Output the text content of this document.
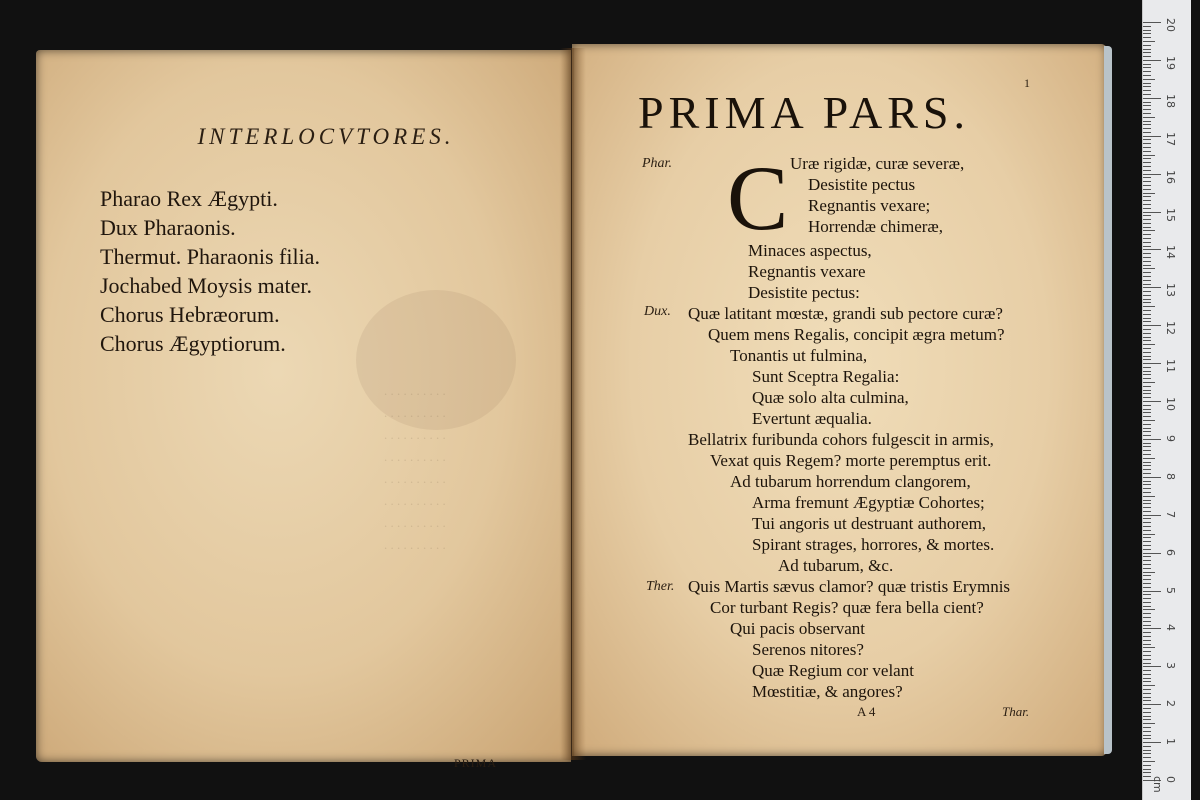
. . . . . . . . . .
. . . . . . . . . .
. . . . . . . . . .
. . . . . . . . . .
. . . . . . . . . .
. . . . . . . . . .
. . . . . . . . . .
. . . . . . . . . .
INTERLOCVTORES.
Pharao Rex Ægypti.
Dux Pharaonis.
Thermut. Pharaonis filia.
Jochabed Moysis mater.
Chorus Hebræorum.
Chorus Ægyptiorum.
PRIMA
1
PRIMA PARS.
C
Phar.
Dux.
Ther.
Uræ rigidæ, curæ severæ,
Desistite pectus
Regnantis vexare;
Horrendæ chimeræ,
Minaces aspectus,
Regnantis vexare
Desistite pectus:
Quæ latitant mœstæ, grandi sub pectore curæ?
Quem mens Regalis, concipit ægra metum?
Tonantis ut fulmina,
Sunt Sceptra Regalia:
Quæ solo alta culmina,
Evertunt æqualia.
Bellatrix furibunda cohors fulgescit in armis,
Vexat quis Regem? morte peremptus erit.
Ad tubarum horrendum clangorem,
Arma fremunt Ægyptiæ Cohortes;
Tui angoris ut destruant authorem,
Spirant strages, horrores, & mortes.
Ad tubarum, &c.
Quis Martis sævus clamor? quæ tristis Erymnis
Cor turbant Regis? quæ fera bella cient?
Qui pacis observant
Serenos nitores?
Quæ Regium cor velant
Mœstitiæ, & angores?
A 4	Thar.
0 cm
1
2
3
4
5
6
7
8
9
10
11
12
13
14
15
16
17
18
19
20
